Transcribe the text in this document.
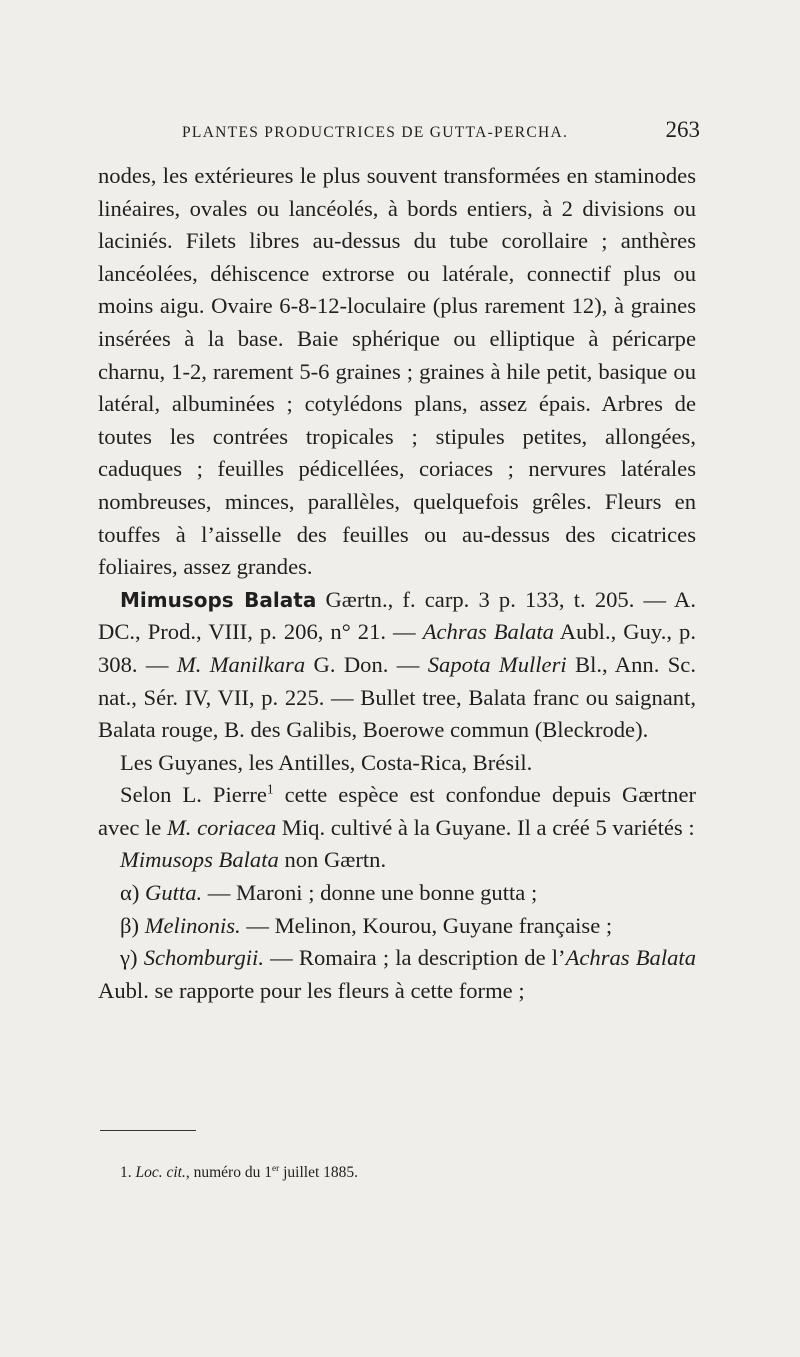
PLANTES PRODUCTRICES DE GUTTA-PERCHA.	263

nodes, les extérieures le plus souvent transformées en staminodes linéaires, ovales ou lancéolés, à bords entiers, à 2 divisions ou laciniés. Filets libres au-dessus du tube corollaire ; anthères lancéolées, déhiscence extrorse ou latérale, connectif plus ou moins aigu. Ovaire 6-8-12-loculaire (plus rarement 12), à graines insérées à la base. Baie sphérique ou elliptique à péricarpe charnu, 1-2, rarement 5-6 graines ; graines à hile petit, basique ou latéral, albuminées ; cotylédons plans, assez épais. Arbres de toutes les contrées tropicales ; stipules petites, allongées, caduques ; feuilles pédicellées, coriaces ; nervures latérales nombreuses, minces, parallèles, quelquefois grêles. Fleurs en touffes à l’aisselle des feuilles ou au-dessus des cicatrices foliaires, assez grandes.

Mimusops Balata Gærtn., f. carp. 3 p. 133, t. 205. — A. DC., Prod., VIII, p. 206, n° 21. — Achras Balata Aubl., Guy., p. 308. — M. Manilkara G. Don. — Sapota Mulleri Bl., Ann. Sc. nat., Sér. IV, VII, p. 225. — Bullet tree, Balata franc ou saignant, Balata rouge, B. des Galibis, Boerowe commun (Bleckrode).

Les Guyanes, les Antilles, Costa-Rica, Brésil.

Selon L. Pierre$^1$ cette espèce est confondue depuis Gærtner avec le M. coriacea Miq. cultivé à la Guyane. Il a créé 5 variétés :

Mimusops Balata non Gærtn.

α) Gutta. — Maroni ; donne une bonne gutta ;

β) Melinonis. — Melinon, Kourou, Guyane française ;

γ) Schomburgii. — Romaira ; la description de l’Achras Balata Aubl. se rapporte pour les fleurs à cette forme ;

1. Loc. cit., numéro du 1er juillet 1885.
